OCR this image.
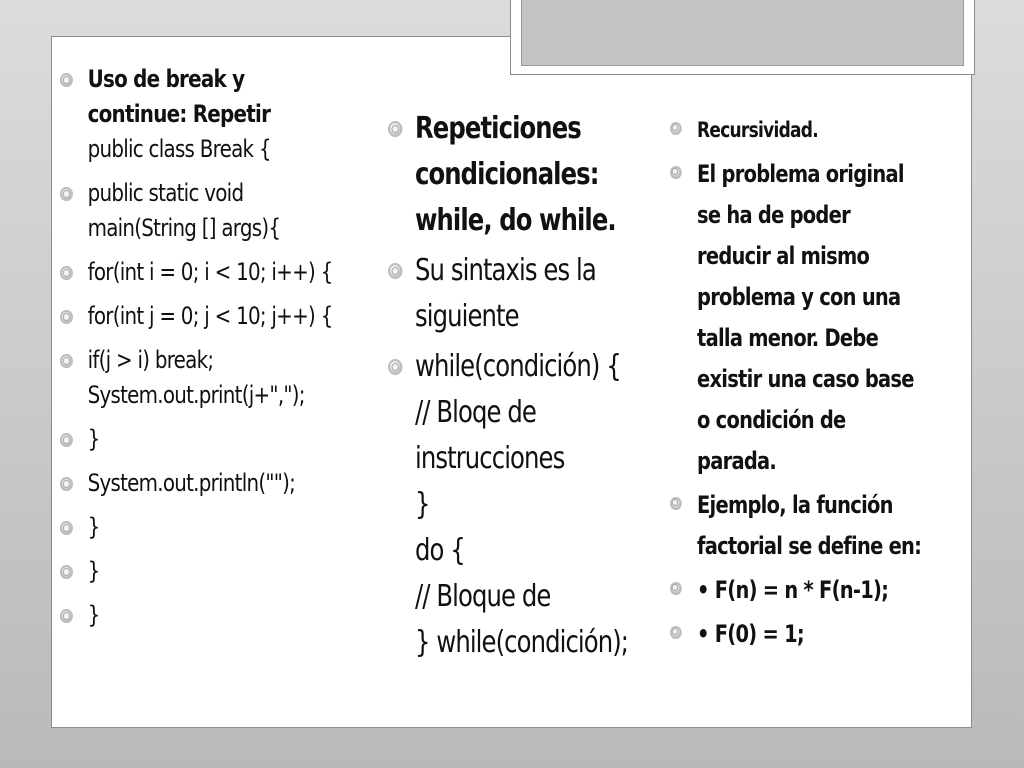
Uso de break y
continue: Repetir
public class Break {
public static void
main(String [] args){
for(int i = 0; i < 10; i++) {
for(int j = 0; j < 10; j++) {
if(j > i) break;
System.out.print(j+",");
}
System.out.println("");
}
}
}
Repeticiones
condicionales:
while, do while.
Su sintaxis es la
siguiente
while(condición) {
// Bloqe de
instrucciones
}
do {
// Bloque de
} while(condición);
Recursividad.
El problema original
se ha de poder
reducir al mismo
problema y con una
talla menor. Debe
existir una caso base
o condición de
parada.
Ejemplo, la función
factorial se define en:
• F(n) = n * F(n-1);
• F(0) = 1;
